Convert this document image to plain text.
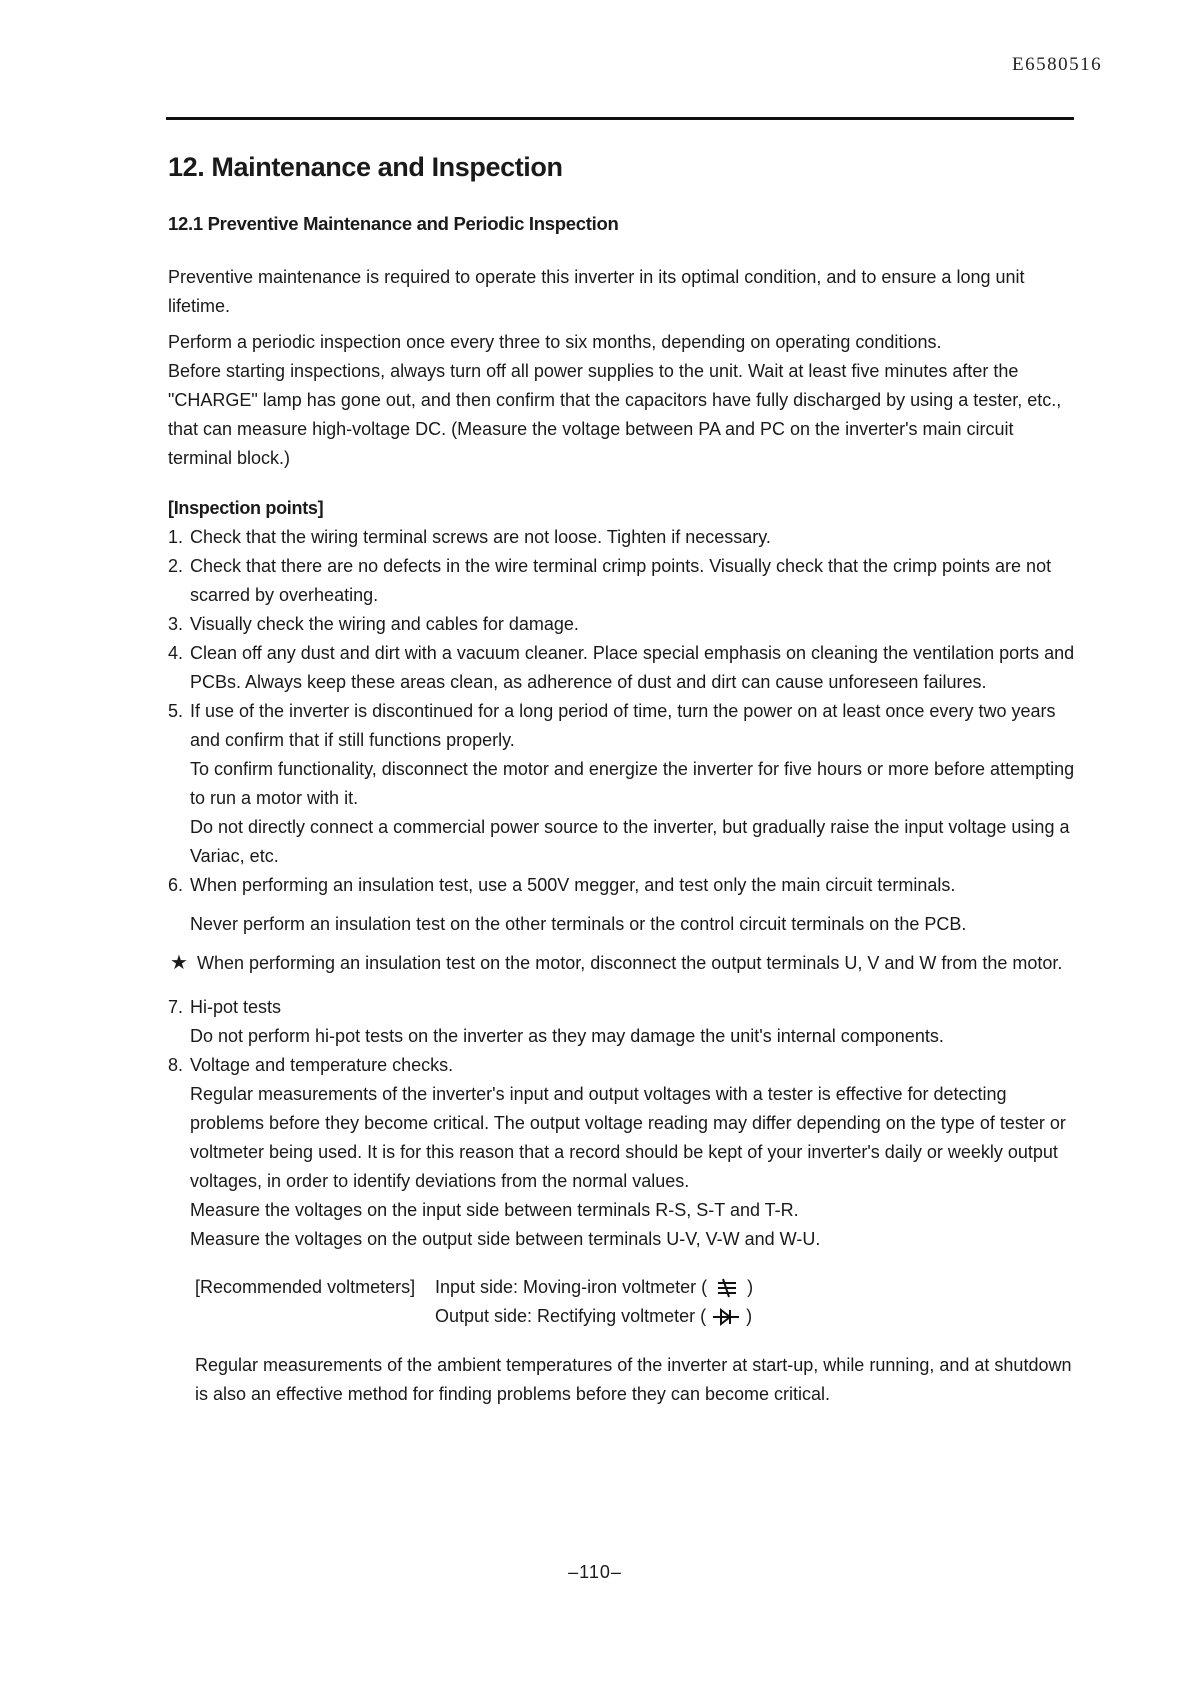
E6580516
12. Maintenance and Inspection
12.1 Preventive Maintenance and Periodic Inspection

Preventive maintenance is required to operate this inverter in its optimal condition, and to ensure a long unit lifetime.

Perform a periodic inspection once every three to six months, depending on operating conditions.

Before starting inspections, always turn off all power supplies to the unit. Wait at least five minutes after the "CHARGE" lamp has gone out, and then confirm that the capacitors have fully discharged by using a tester, etc., that can measure high-voltage DC. (Measure the voltage between PA and PC on the inverter's main circuit terminal block.)

[Inspection points]
1. Check that the wiring terminal screws are not loose. Tighten if necessary.

2. Check that there are no defects in the wire terminal crimp points. Visually check that the crimp points are not scarred by overheating.

3. Visually check the wiring and cables for damage.

4. Clean off any dust and dirt with a vacuum cleaner. Place special emphasis on cleaning the ventilation ports and PCBs. Always keep these areas clean, as adherence of dust and dirt can cause unforeseen failures.

5. If use of the inverter is discontinued for a long period of time, turn the power on at least once every two years and confirm that if still functions properly.

To confirm functionality, disconnect the motor and energize the inverter for five hours or more before attempting to run a motor with it.

Do not directly connect a commercial power source to the inverter, but gradually raise the input voltage using a Variac, etc.

6. When performing an insulation test, use a 500V megger, and test only the main circuit terminals.

Never perform an insulation test on the other terminals or the control circuit terminals on the PCB.

★ When performing an insulation test on the motor, disconnect the output terminals U, V and W from the motor.
7. Hi-pot tests

Do not perform hi-pot tests on the inverter as they may damage the unit's internal components.

8. Voltage and temperature checks.

Regular measurements of the inverter's input and output voltages with a tester is effective for detecting problems before they become critical. The output voltage reading may differ depending on the type of tester or voltmeter being used. It is for this reason that a record should be kept of your inverter's daily or weekly output voltages, in order to identify deviations from the normal values.

Measure the voltages on the input side between terminals R-S, S-T and T-R.

Measure the voltages on the output side between terminals U-V, V-W and W-U.

[Recommended voltmeters]	Input side: Moving-iron voltmeter ( )
Output side: Rectifying voltmeter ( )

Regular measurements of the ambient temperatures of the inverter at start-up, while running, and at shutdown is also an effective method for finding problems before they can become critical.

–110–
